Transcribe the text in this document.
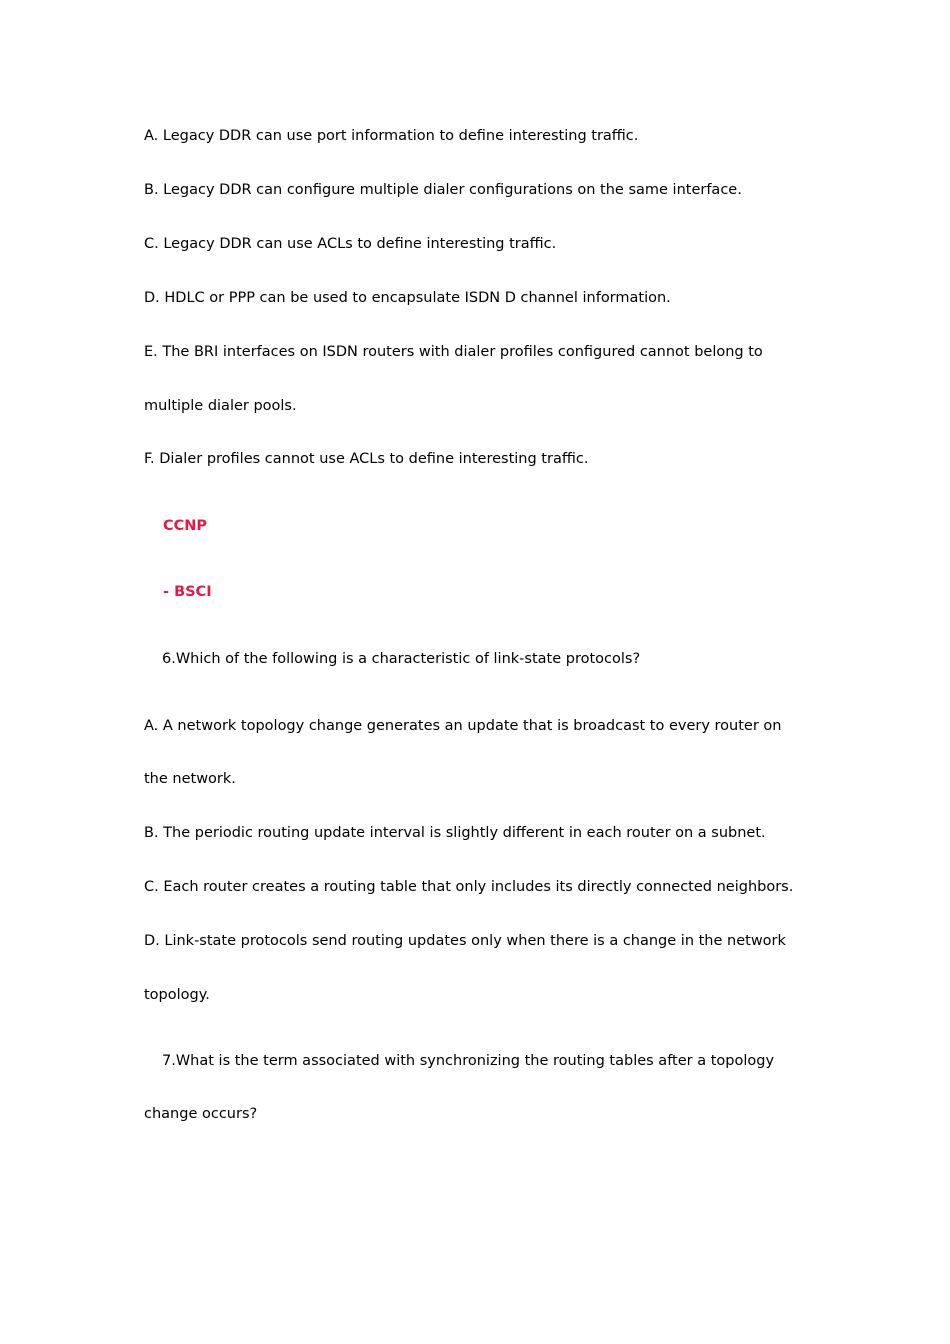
A. Legacy DDR can use port information to define interesting traffic.

B. Legacy DDR can configure multiple dialer configurations on the same interface.

C. Legacy DDR can use ACLs to define interesting traffic.

D. HDLC or PPP can be used to encapsulate ISDN D channel information.

E. The BRI interfaces on ISDN routers with dialer profiles configured cannot belong to

multiple dialer pools.

F. Dialer profiles cannot use ACLs to define interesting traffic.

CCNP

- BSCI

6.Which of the following is a characteristic of link-state protocols?

A. A network topology change generates an update that is broadcast to every router on

the network.

B. The periodic routing update interval is slightly different in each router on a subnet.

C. Each router creates a routing table that only includes its directly connected neighbors.

D. Link-state protocols send routing updates only when there is a change in the network

topology.

7.What is the term associated with synchronizing the routing tables after a topology

change occurs?
